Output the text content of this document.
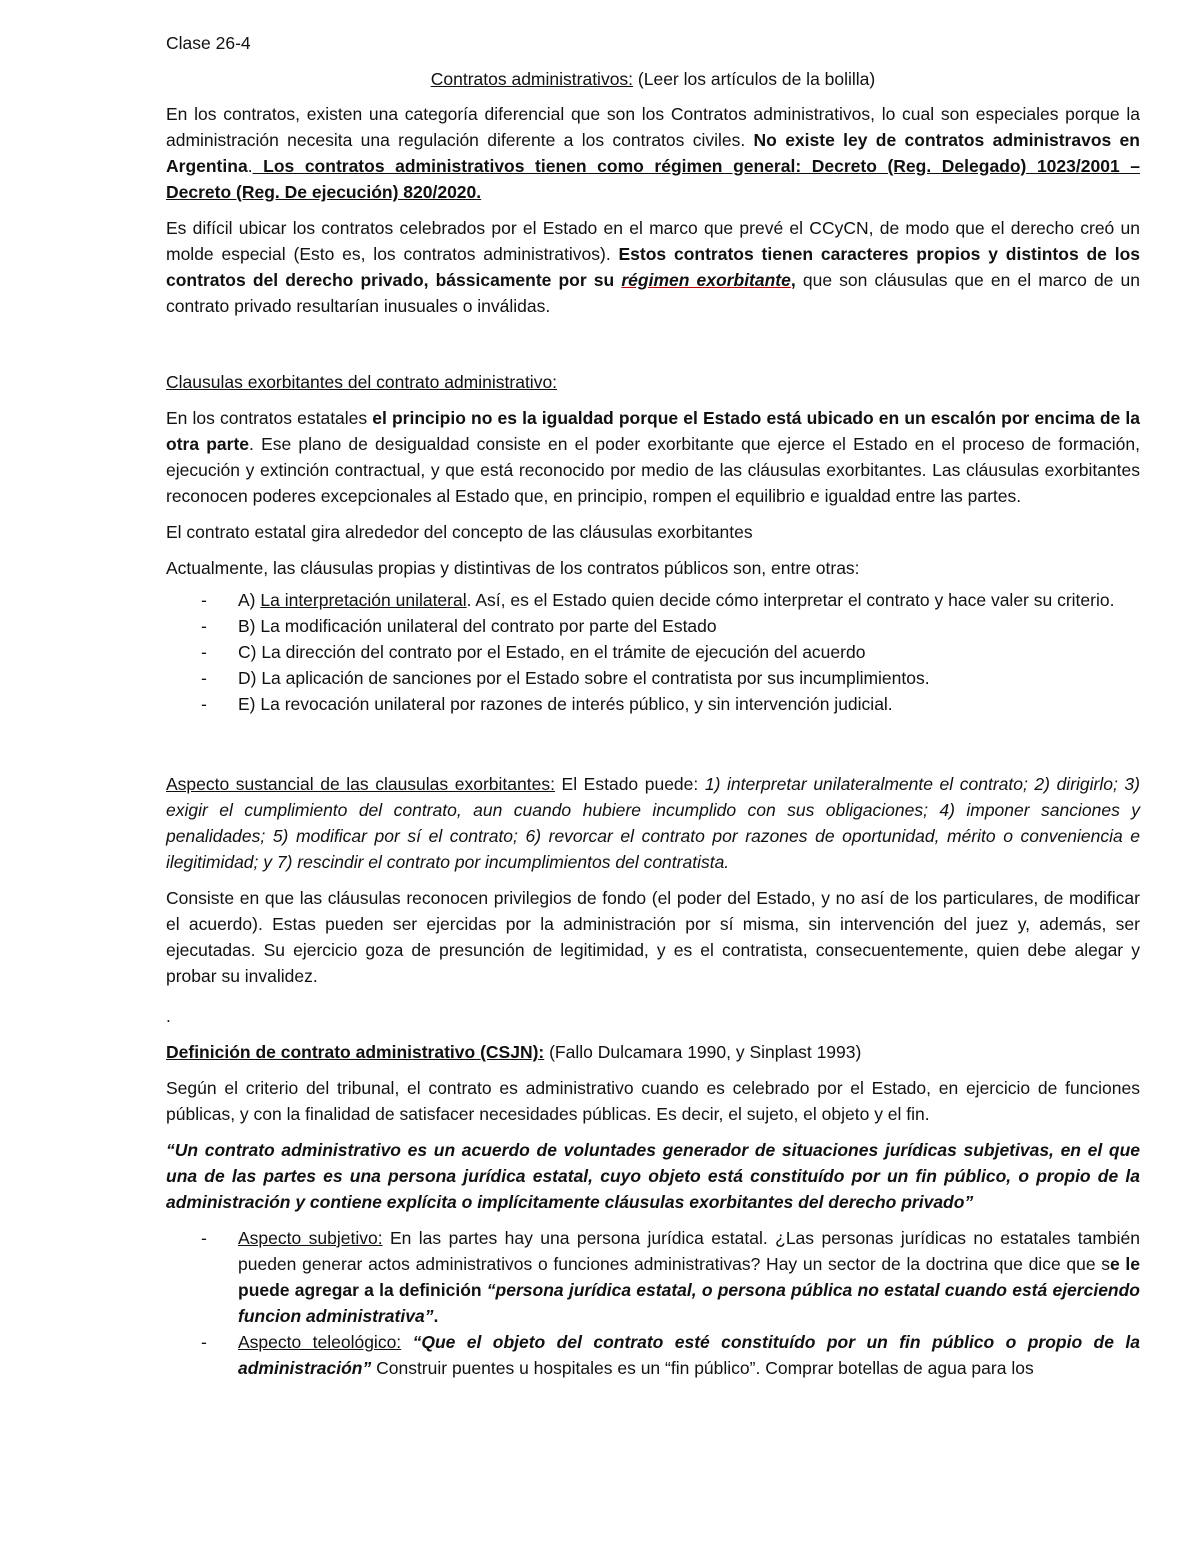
Clase 26-4

Contratos administrativos: (Leer los artículos de la bolilla)

En los contratos, existen una categoría diferencial que son los Contratos administrativos, lo cual son especiales porque la administración necesita una regulación diferente a los contratos civiles. No existe ley de contratos administravos en Argentina. Los contratos administrativos tienen como régimen general: Decreto (Reg. Delegado) 1023/2001 – Decreto (Reg. De ejecución) 820/2020.

Es difícil ubicar los contratos celebrados por el Estado en el marco que prevé el CCyCN, de modo que el derecho creó un molde especial (Esto es, los contratos administrativos). Estos contratos tienen caracteres propios y distintos de los contratos del derecho privado, bássicamente por su régimen exorbitante, que son cláusulas que en el marco de un contrato privado resultarían inusuales o inválidas.

Clausulas exorbitantes del contrato administrativo:

En los contratos estatales el principio no es la igualdad porque el Estado está ubicado en un escalón por encima de la otra parte. Ese plano de desigualdad consiste en el poder exorbitante que ejerce el Estado en el proceso de formación, ejecución y extinción contractual, y que está reconocido por medio de las cláusulas exorbitantes. Las cláusulas exorbitantes reconocen poderes excepcionales al Estado que, en principio, rompen el equilibrio e igualdad entre las partes.

El contrato estatal gira alrededor del concepto de las cláusulas exorbitantes

Actualmente, las cláusulas propias y distintivas de los contratos públicos son, entre otras:

- A) La interpretación unilateral. Así, es el Estado quien decide cómo interpretar el contrato y hace valer su criterio.
- B) La modificación unilateral del contrato por parte del Estado
- C) La dirección del contrato por el Estado, en el trámite de ejecución del acuerdo
- D) La aplicación de sanciones por el Estado sobre el contratista por sus incumplimientos.
- E) La revocación unilateral por razones de interés público, y sin intervención judicial.

Aspecto sustancial de las clausulas exorbitantes: El Estado puede: 1) interpretar unilateralmente el contrato; 2) dirigirlo; 3) exigir el cumplimiento del contrato, aun cuando hubiere incumplido con sus obligaciones; 4) imponer sanciones y penalidades; 5) modificar por sí el contrato; 6) revorcar el contrato por razones de oportunidad, mérito o conveniencia e ilegitimidad; y 7) rescindir el contrato por incumplimientos del contratista.

Consiste en que las cláusulas reconocen privilegios de fondo (el poder del Estado, y no así de los particulares, de modificar el acuerdo). Estas pueden ser ejercidas por la administración por sí misma, sin intervención del juez y, además, ser ejecutadas. Su ejercicio goza de presunción de legitimidad, y es el contratista, consecuentemente, quien debe alegar y probar su invalidez.

.

Definición de contrato administrativo (CSJN): (Fallo Dulcamara 1990, y Sinplast 1993)

Según el criterio del tribunal, el contrato es administrativo cuando es celebrado por el Estado, en ejercicio de funciones públicas, y con la finalidad de satisfacer necesidades públicas. Es decir, el sujeto, el objeto y el fin.

“Un contrato administrativo es un acuerdo de voluntades generador de situaciones jurídicas subjetivas, en el que una de las partes es una persona jurídica estatal, cuyo objeto está constituído por un fin público, o propio de la administración y contiene explícita o implícitamente cláusulas exorbitantes del derecho privado”

- Aspecto subjetivo: En las partes hay una persona jurídica estatal. ¿Las personas jurídicas no estatales también pueden generar actos administrativos o funciones administrativas? Hay un sector de la doctrina que dice que se le puede agregar a la definición “persona jurídica estatal, o persona pública no estatal cuando está ejerciendo funcion administrativa”.
- Aspecto teleológico: “Que el objeto del contrato esté constituído por un fin público o propio de la administración” Construir puentes u hospitales es un “fin público”. Comprar botellas de agua para los
